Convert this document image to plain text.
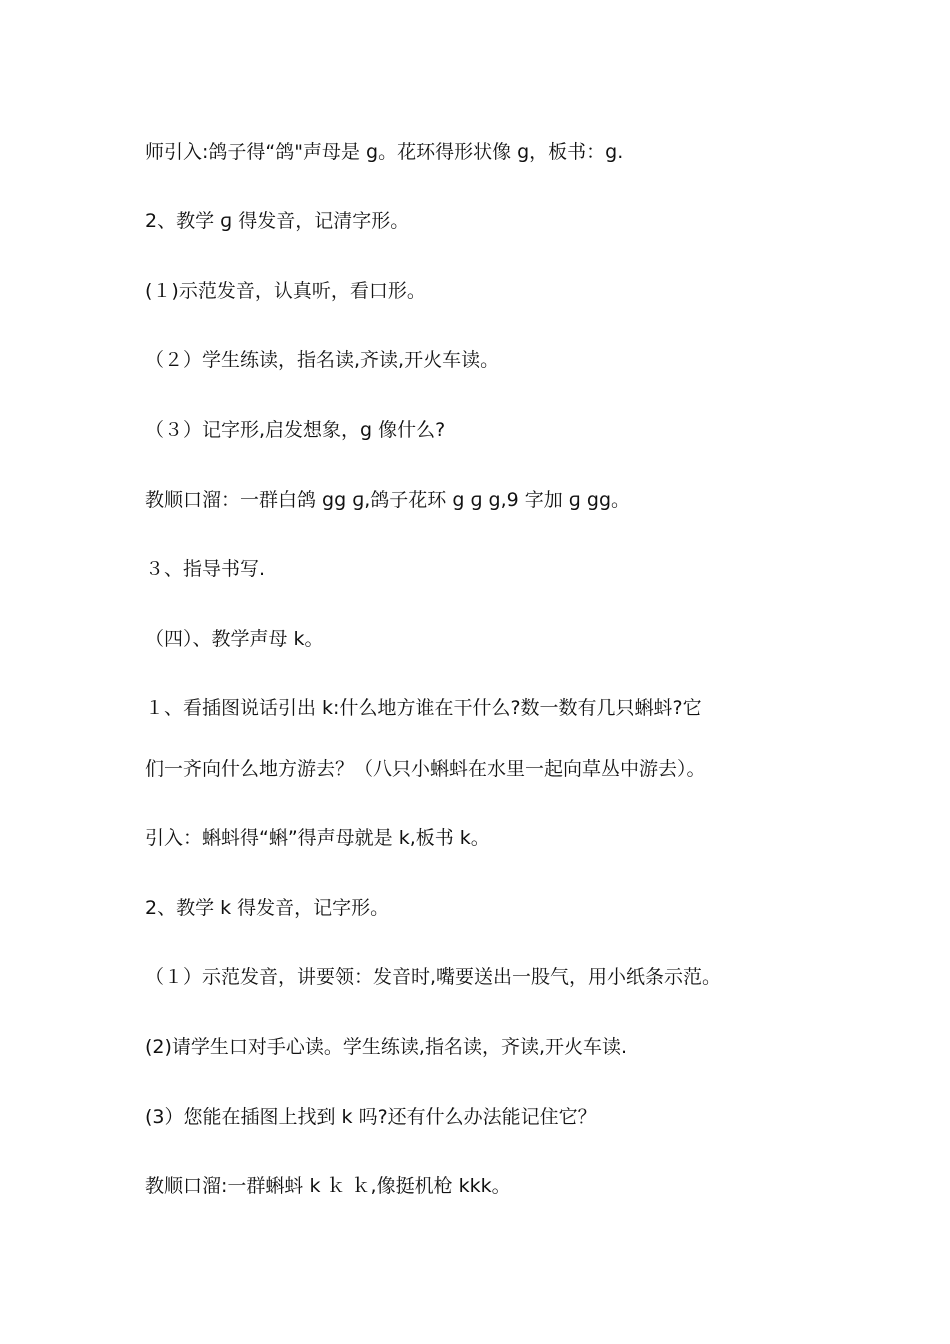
师引入:鸽子得“鸽"声母是 g。花环得形状像 g，板书：g.
2、教学 ɡ 得发音，记清字形。
(１)示范发音，认真听，看口形。
（２）学生练读，指名读,齐读,开火车读。
（３）记字形,启发想象，g 像什么?
教顺口溜：一群白鸽 gg ɡ,鸽子花环 g ɡ g,9 字加 ɡ gg。
３、指导书写.
（四）、教学声母 k。
１、看插图说话引出 k:什么地方谁在干什么?数一数有几只蝌蚪?它
们一齐向什么地方游去？（八只小蝌蚪在水里一起向草丛中游去）。
引入：蝌蚪得“蝌”得声母就是 k,板书 k。
2、教学 k 得发音，记字形。
（１）示范发音，讲要领：发音时,嘴要送出一股气，用小纸条示范。
(2)请学生口对手心读。学生练读,指名读，齐读,开火车读.
(3）您能在插图上找到 k 吗?还有什么办法能记住它？
教顺口溜:一群蝌蚪 k ｋ ｋ,像挺机枪 kkk。
